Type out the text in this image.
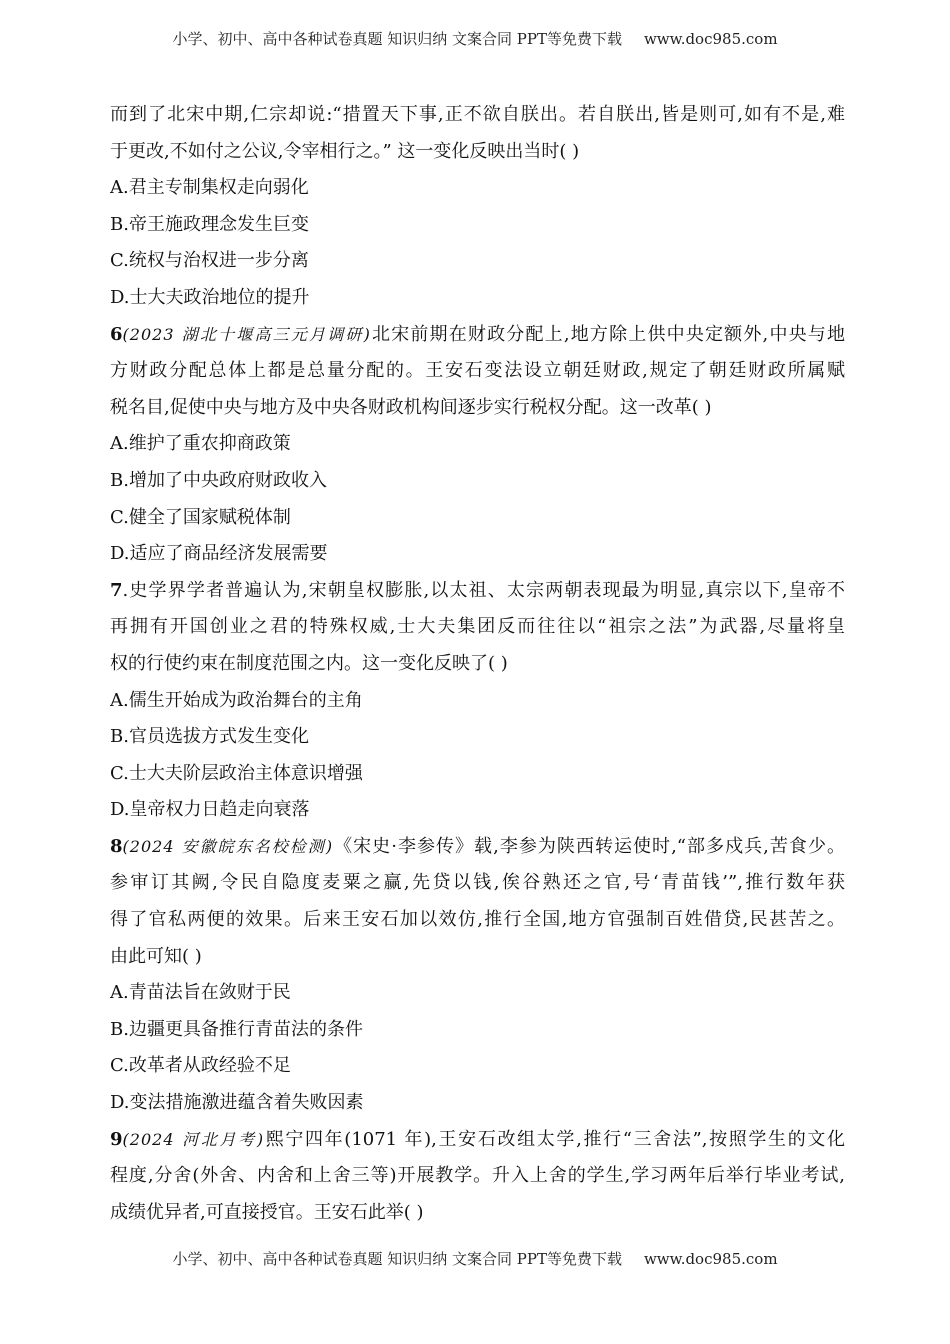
小学、初中、高中各种试卷真题 知识归纳 文案合同 PPT等免费下载 www.doc985.com
而到了北宋中期,仁宗却说:“措置天下事,正不欲自朕出。若自朕出,皆是则可,如有不是,难
于更改,不如付之公议,令宰相行之。” 这一变化反映出当时( )
A.君主专制集权走向弱化
B.帝王施政理念发生巨变
C.统权与治权进一步分离
D.士大夫政治地位的提升
6(2023 湖北十堰高三元月调研)北宋前期在财政分配上,地方除上供中央定额外,中央与地
方财政分配总体上都是总量分配的。王安石变法设立朝廷财政,规定了朝廷财政所属赋
税名目,促使中央与地方及中央各财政机构间逐步实行税权分配。这一改革( )
A.维护了重农抑商政策
B.增加了中央政府财政收入
C.健全了国家赋税体制
D.适应了商品经济发展需要
7.史学界学者普遍认为,宋朝皇权膨胀,以太祖、太宗两朝表现最为明显,真宗以下,皇帝不
再拥有开国创业之君的特殊权威,士大夫集团反而往往以“祖宗之法”为武器,尽量将皇
权的行使约束在制度范围之内。这一变化反映了( )
A.儒生开始成为政治舞台的主角
B.官员选拔方式发生变化
C.士大夫阶层政治主体意识增强
D.皇帝权力日趋走向衰落
8(2024 安徽皖东名校检测)《宋史·李参传》载,李参为陕西转运使时,“部多戍兵,苦食少。
参审订其阙,令民自隐度麦粟之赢,先贷以钱,俟谷熟还之官,号‘青苗钱’”,推行数年获
得了官私两便的效果。后来王安石加以效仿,推行全国,地方官强制百姓借贷,民甚苦之。
由此可知( )
A.青苗法旨在敛财于民
B.边疆更具备推行青苗法的条件
C.改革者从政经验不足
D.变法措施激进蕴含着失败因素
9(2024 河北月考)熙宁四年(1071 年),王安石改组太学,推行“三舍法”,按照学生的文化
程度,分舍(外舍、内舍和上舍三等)开展教学。升入上舍的学生,学习两年后举行毕业考试,
成绩优异者,可直接授官。王安石此举( )
小学、初中、高中各种试卷真题 知识归纳 文案合同 PPT等免费下载 www.doc985.com
